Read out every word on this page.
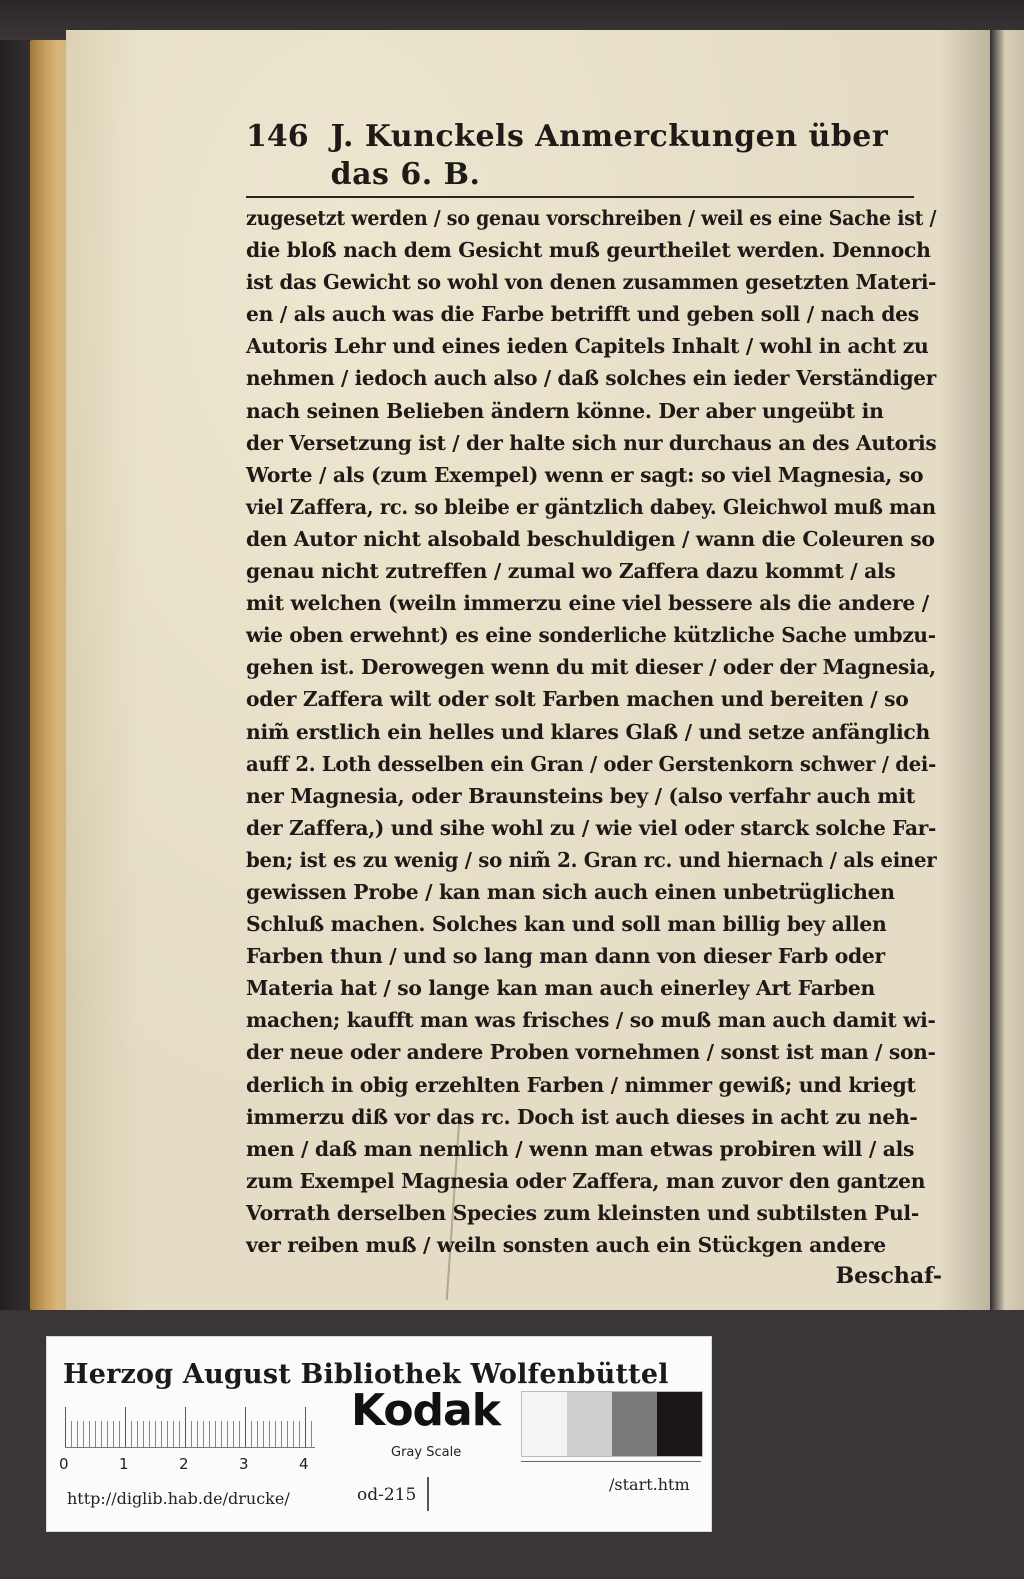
146 J. Kunckels Anmerckungen über das 6. B.
zugesetzt werden / so genau vorschreiben / weil es eine Sache ist /
die bloß nach dem Gesicht muß geurtheilet werden. Dennoch
ist das Gewicht so wohl von denen zusammen gesetzten Materi-
en / als auch was die Farbe betrifft und geben soll / nach des
Autoris Lehr und eines ieden Capitels Inhalt / wohl in acht zu
nehmen / iedoch auch also / daß solches ein ieder Verständiger
nach seinen Belieben ändern könne. Der aber ungeübt in
der Versetzung ist / der halte sich nur durchaus an des Autoris
Worte / als (zum Exempel) wenn er sagt: so viel Magnesia, so
viel Zaffera, rc. so bleibe er gäntzlich dabey. Gleichwol muß man
den Autor nicht alsobald beschuldigen / wann die Coleuren so
genau nicht zutreffen / zumal wo Zaffera dazu kommt / als
mit welchen (weiln immerzu eine viel bessere als die andere /
wie oben erwehnt) es eine sonderliche kützliche Sache umbzu-
gehen ist. Derowegen wenn du mit dieser / oder der Magnesia,
oder Zaffera wilt oder solt Farben machen und bereiten / so
nim̃ erstlich ein helles und klares Glaß / und setze anfänglich
auff 2. Loth desselben ein Gran / oder Gerstenkorn schwer / dei-
ner Magnesia, oder Braunsteins bey / (also verfahr auch mit
der Zaffera,) und sihe wohl zu / wie viel oder starck solche Far-
ben; ist es zu wenig / so nim̃ 2. Gran rc. und hiernach / als einer
gewissen Probe / kan man sich auch einen unbetrüglichen
Schluß machen. Solches kan und soll man billig bey allen
Farben thun / und so lang man dann von dieser Farb oder
Materia hat / so lange kan man auch einerley Art Farben
machen; kaufft man was frisches / so muß man auch damit wi-
der neue oder andere Proben vornehmen / sonst ist man / son-
derlich in obig erzehlten Farben / nimmer gewiß; und kriegt
immerzu diß vor das rc. Doch ist auch dieses in acht zu neh-
men / daß man nemlich / wenn man etwas probiren will / als
zum Exempel Magnesia oder Zaffera, man zuvor den gantzen
Vorrath derselben Species zum kleinsten und subtilsten Pul-
ver reiben muß / weiln sonsten auch ein Stückgen andere
Beschaf-
Herzog August Bibliothek Wolfenbüttel
0	1	2	3	4
Kodak
Gray Scale
http://diglib.hab.de/drucke/	od-215
/start.htm
